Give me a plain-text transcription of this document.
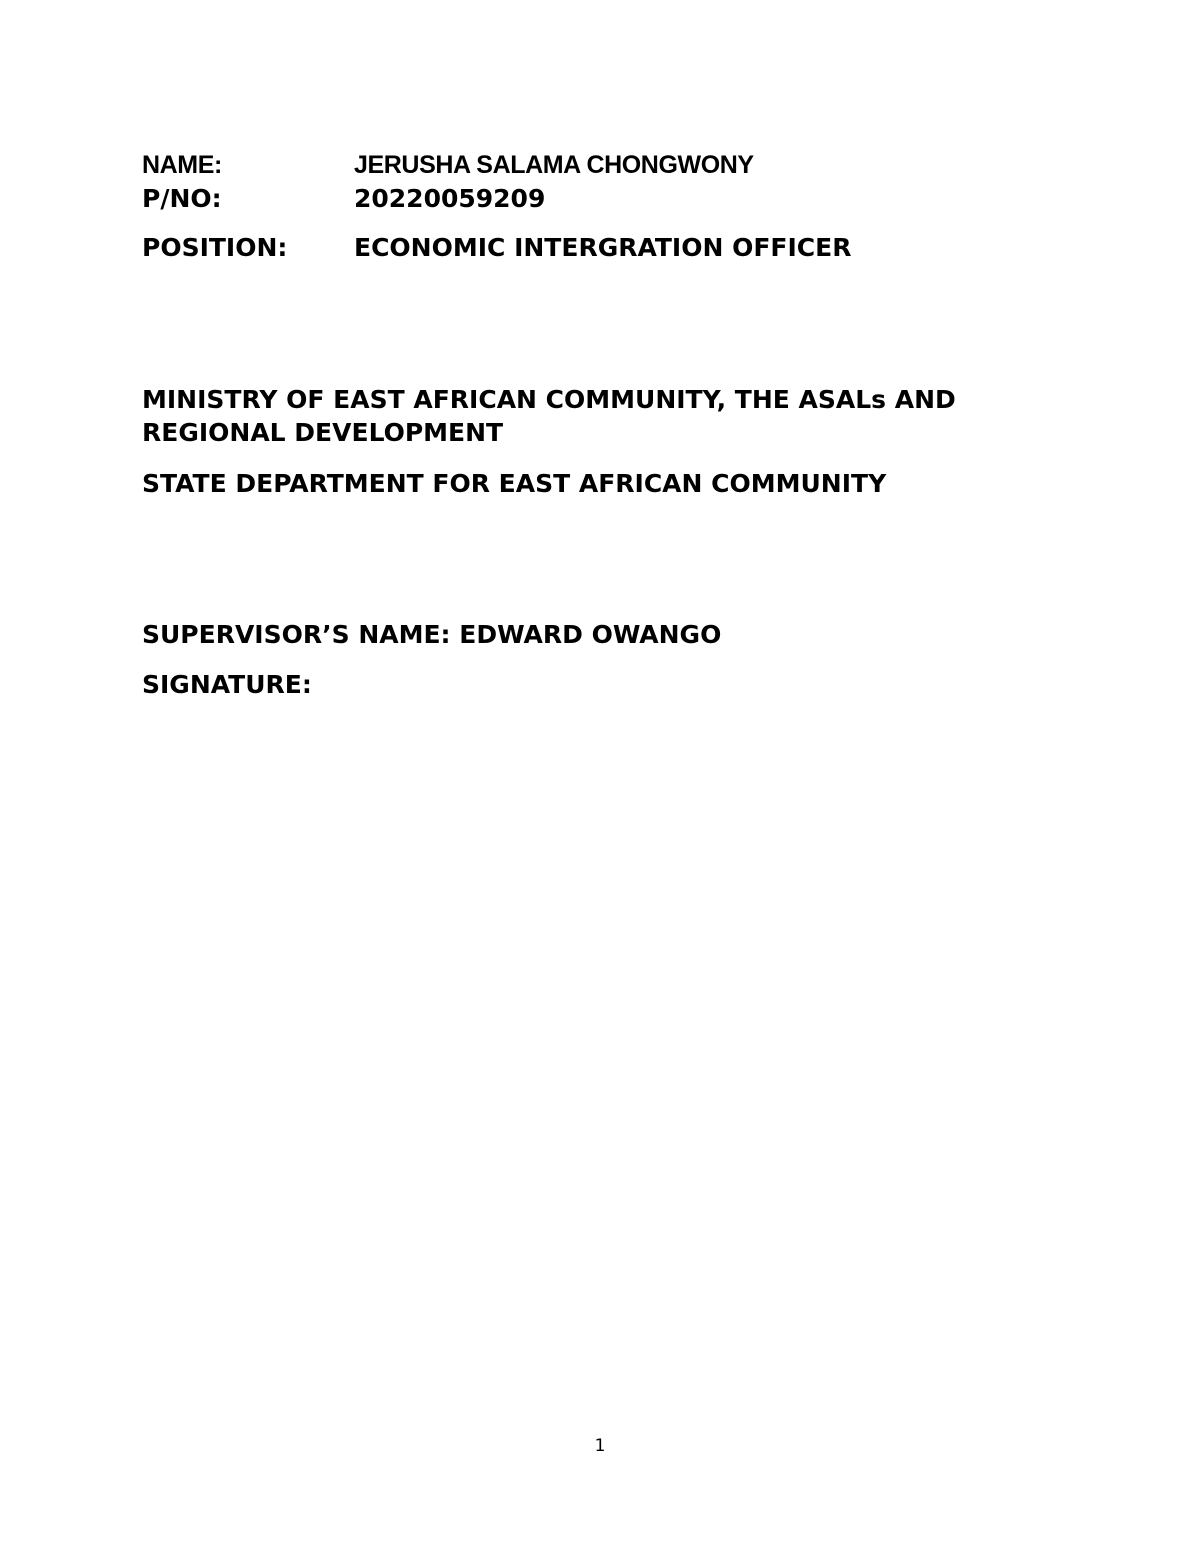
NAME:	JERUSHA SALAMA CHONGWONY
P/NO:	20220059209
POSITION:	ECONOMIC INTERGRATION OFFICER
MINISTRY OF EAST AFRICAN COMMUNITY, THE ASALs AND
REGIONAL DEVELOPMENT
STATE DEPARTMENT FOR EAST AFRICAN COMMUNITY
SUPERVISOR’S NAME: EDWARD OWANGO
SIGNATURE:
1
